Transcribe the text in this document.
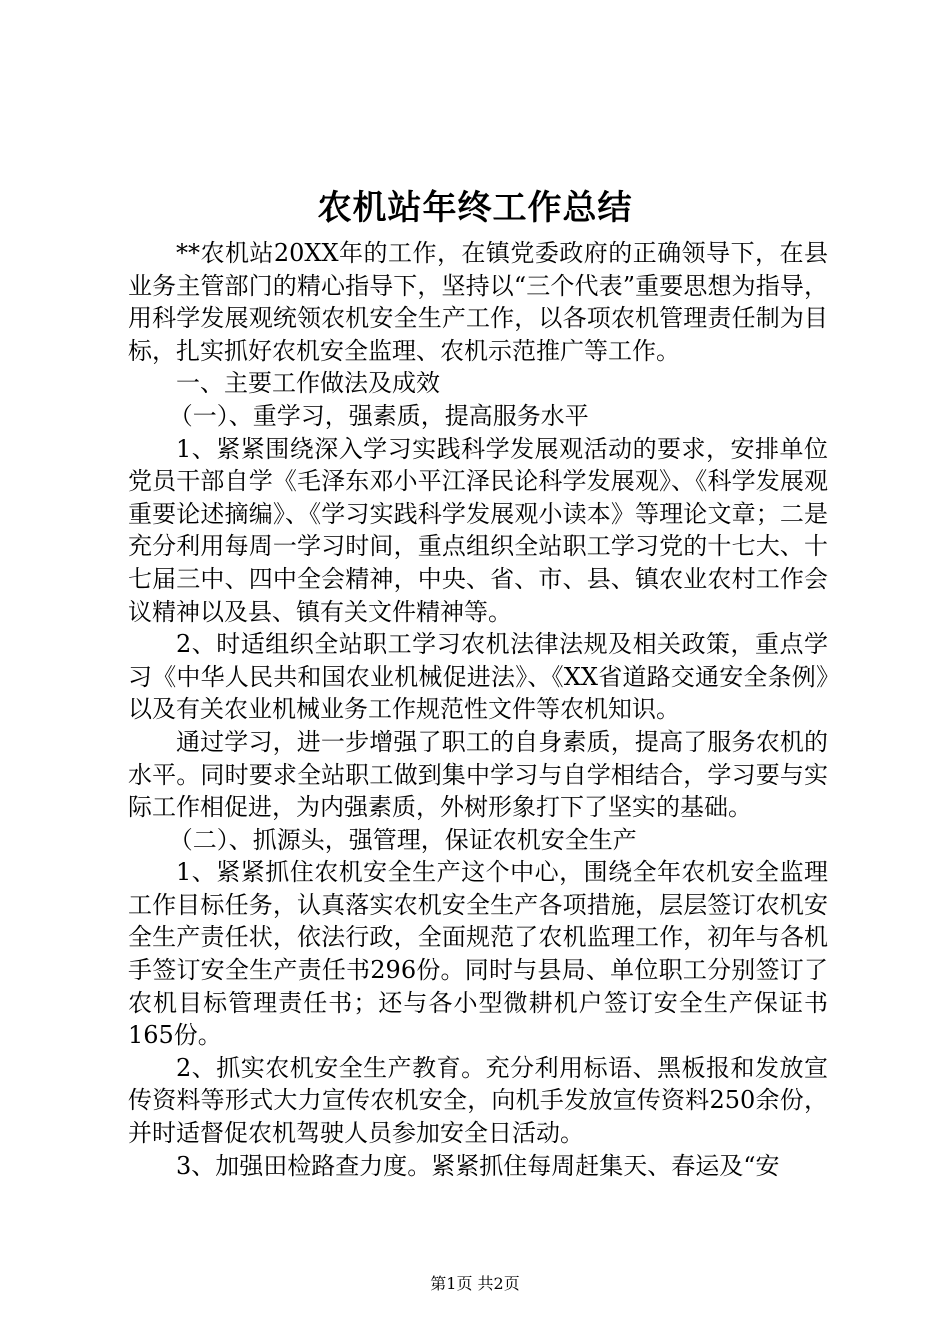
农机站年终工作总结

**农机站20XX年的工作，在镇党委政府的正确领导下，在县业务主管部门的精心指导下，坚持以“三个代表”重要思想为指导，用科学发展观统领农机安全生产工作，以各项农机管理责任制为目标，扎实抓好农机安全监理、农机示范推广等工作。

一、主要工作做法及成效

（一）、重学习，强素质，提高服务水平

1、紧紧围绕深入学习实践科学发展观活动的要求，安排单位党员干部自学《毛泽东邓小平江泽民论科学发展观》、《科学发展观重要论述摘编》、《学习实践科学发展观小读本》等理论文章；二是充分利用每周一学习时间，重点组织全站职工学习党的十七大、十七届三中、四中全会精神，中央、省、市、县、镇农业农村工作会议精神以及县、镇有关文件精神等。

2、时适组织全站职工学习农机法律法规及相关政策，重点学习《中华人民共和国农业机械促进法》、《XX省道路交通安全条例》以及有关农业机械业务工作规范性文件等农机知识。

通过学习，进一步增强了职工的自身素质，提高了服务农机的水平。同时要求全站职工做到集中学习与自学相结合，学习要与实际工作相促进，为内强素质，外树形象打下了坚实的基础。

（二）、抓源头，强管理，保证农机安全生产

1、紧紧抓住农机安全生产这个中心，围绕全年农机安全监理工作目标任务，认真落实农机安全生产各项措施，层层签订农机安全生产责任状，依法行政，全面规范了农机监理工作，初年与各机手签订安全生产责任书296份。同时与县局、单位职工分别签订了农机目标管理责任书；还与各小型微耕机户签订安全生产保证书165份。

2、抓实农机安全生产教育。充分利用标语、黑板报和发放宣传资料等形式大力宣传农机安全，向机手发放宣传资料250余份，并时适督促农机驾驶人员参加安全日活动。

3、加强田检路查力度。紧紧抓住每周赶集天、春运及“安

第1页 共2页
